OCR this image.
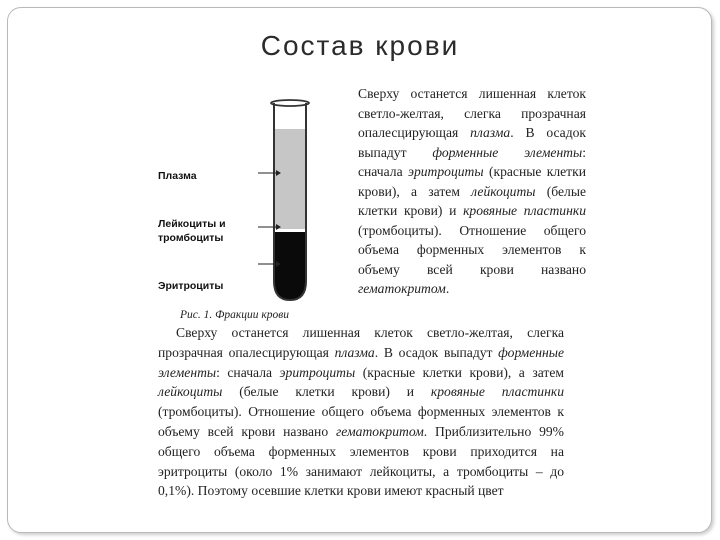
Состав крови
Плазма
Лейкоциты и
тромбоциты
Эритроциты
Рис. 1. Фракции крови
Сверху останется лишенная клеток светло-желтая, слегка прозрачная опалесцирующая плазма. В осадок выпадут форменные элементы: сначала эритроциты (красные клетки крови), а затем лейкоциты (белые клетки крови) и кровяные пластинки (тромбоциты). Отношение общего объема форменных элементов к объему всей крови названо гематокритом.
Сверху останется лишенная клеток светло-желтая, слегка прозрачная опалесцирующая плазма. В осадок выпадут форменные элементы: сначала эритроциты (красные клетки крови), а затем лейкоциты (белые клетки крови) и кровяные пластинки (тромбоциты). Отношение общего объема форменных элементов к объему всей крови названо гематокритом. Приблизительно 99% общего объема форменных элементов крови приходится на эритроциты (около 1% занимают лейкоциты, а тромбоциты – до 0,1%). Поэтому осевшие клетки крови имеют красный цвет
